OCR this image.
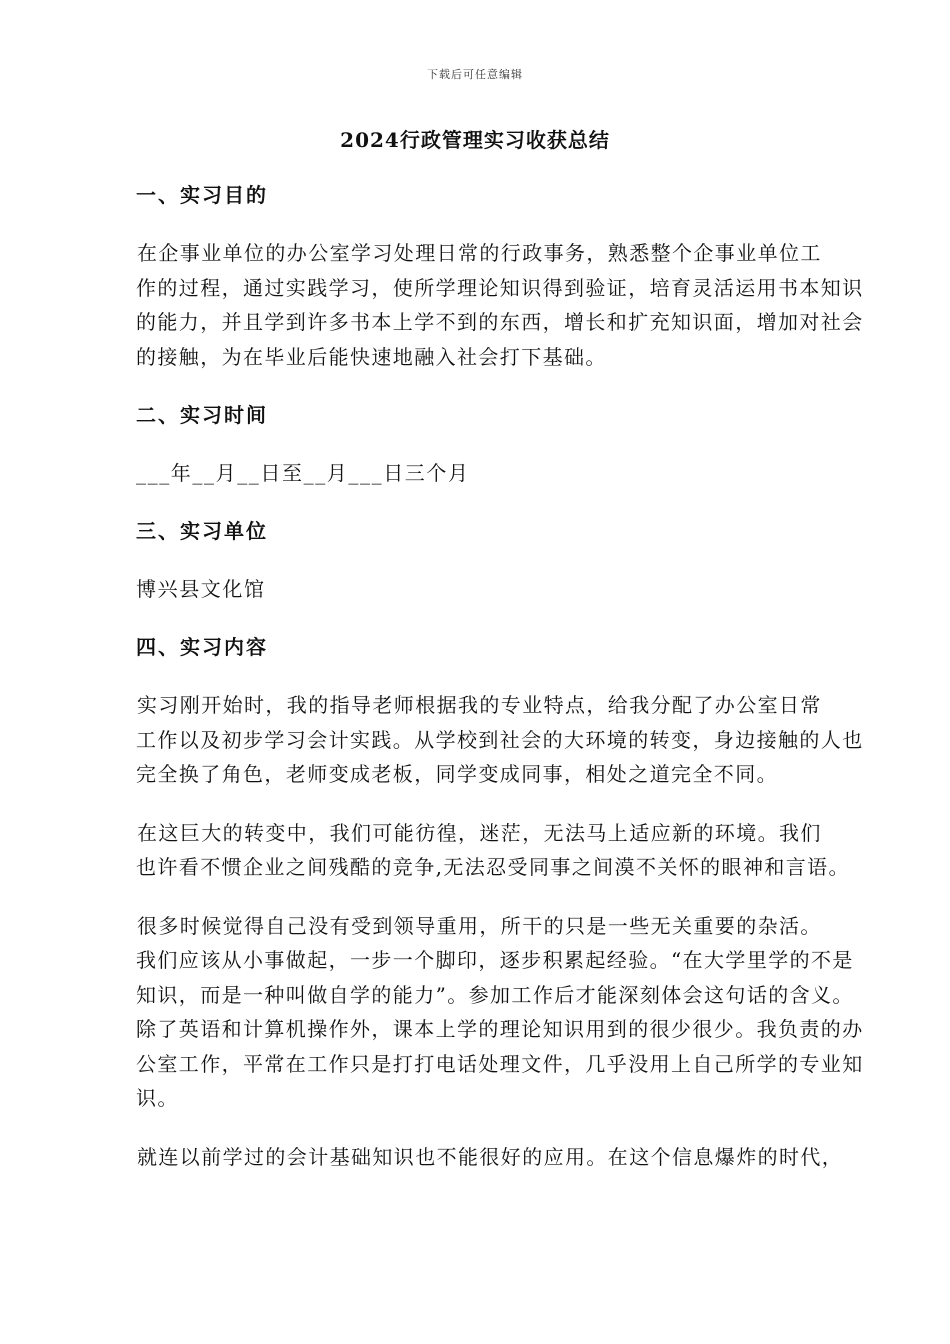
下载后可任意编辑
2024行政管理实习收获总结
一、实习目的
在企事业单位的办公室学习处理日常的行政事务，熟悉整个企事业单位工
作的过程，通过实践学习，使所学理论知识得到验证，培育灵活运用书本知识
的能力，并且学到许多书本上学不到的东西，增长和扩充知识面，增加对社会
的接触，为在毕业后能快速地融入社会打下基础。
二、实习时间
___年__月__日至__月___日三个月
三、实习单位
博兴县文化馆
四、实习内容
实习刚开始时，我的指导老师根据我的专业特点，给我分配了办公室日常
工作以及初步学习会计实践。从学校到社会的大环境的转变，身边接触的人也
完全换了角色，老师变成老板，同学变成同事，相处之道完全不同。
在这巨大的转变中，我们可能彷徨，迷茫，无法马上适应新的环境。我们
也许看不惯企业之间残酷的竞争,无法忍受同事之间漠不关怀的眼神和言语。
很多时候觉得自己没有受到领导重用，所干的只是一些无关重要的杂活。
我们应该从小事做起，一步一个脚印，逐步积累起经验。“在大学里学的不是
知识，而是一种叫做自学的能力”。参加工作后才能深刻体会这句话的含义。
除了英语和计算机操作外，课本上学的理论知识用到的很少很少。我负责的办
公室工作，平常在工作只是打打电话处理文件，几乎没用上自己所学的专业知
识。
就连以前学过的会计基础知识也不能很好的应用。在这个信息爆炸的时代，
